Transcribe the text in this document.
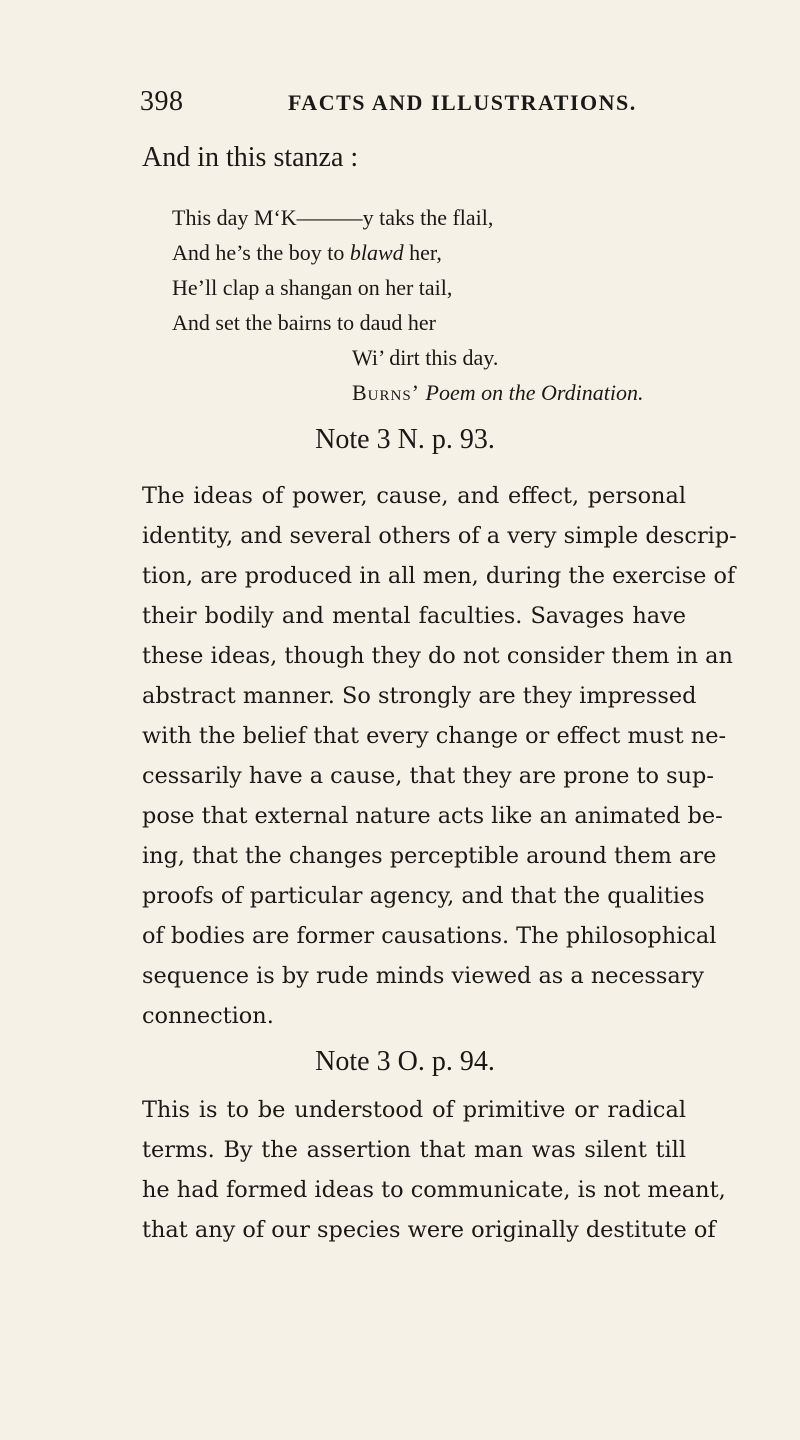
398	FACTS AND ILLUSTRATIONS.
And in this stanza :
This day M‘K———y taks the flail,
And he’s the boy to blawd her,
He’ll clap a shangan on her tail,
And set the bairns to daud her
Wi’ dirt this day.
Burns’ Poem on the Ordination.
Note 3 N. p. 93.
The ideas of power, cause, and effect, personal
identity, and several others of a very simple descrip-
tion, are produced in all men, during the exercise of
their bodily and mental faculties. Savages have
these ideas, though they do not consider them in an
abstract manner. So strongly are they impressed
with the belief that every change or effect must ne-
cessarily have a cause, that they are prone to sup-
pose that external nature acts like an animated be-
ing, that the changes perceptible around them are
proofs of particular agency, and that the qualities
of bodies are former causations. The philosophical
sequence is by rude minds viewed as a necessary
connection.
Note 3 O. p. 94.
This is to be understood of primitive or radical
terms. By the assertion that man was silent till
he had formed ideas to communicate, is not meant,
that any of our species were originally destitute of
